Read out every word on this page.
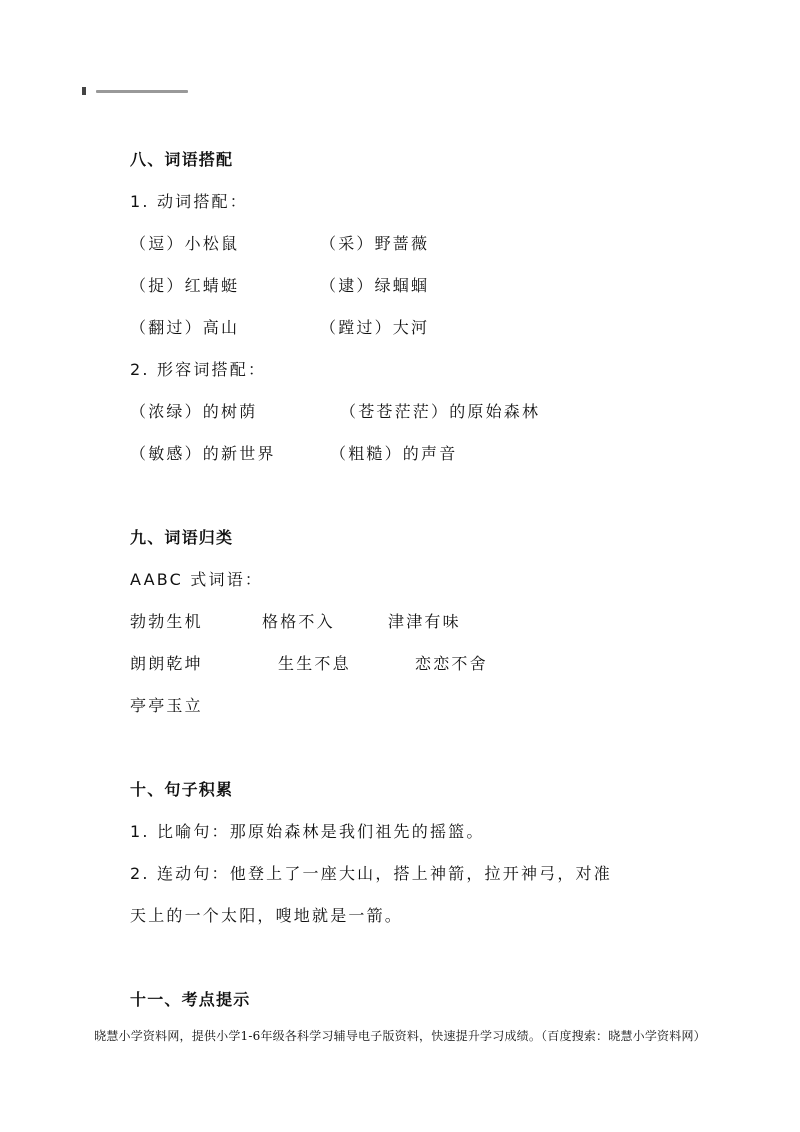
八、词语搭配
1. 动词搭配：
（逗）小松鼠	（采）野蔷薇
（捉）红蜻蜓	（逮）绿蝈蝈
（翻过）高山	（蹚过）大河
2. 形容词搭配：
（浓绿）的树荫	（苍苍茫茫）的原始森林
（敏感）的新世界	（粗糙）的声音
九、词语归类
AABC 式词语：
勃勃生机	格格不入	津津有味
朗朗乾坤	生生不息	恋恋不舍
亭亭玉立
十、句子积累
1. 比喻句：那原始森林是我们祖先的摇篮。
2. 连动句：他登上了一座大山，搭上神箭，拉开神弓，对准
天上的一个太阳，嗖地就是一箭。
十一、考点提示
晓慧小学资料网，提供小学1-6年级各科学习辅导电子版资料，快速提升学习成绩。（百度搜索：晓慧小学资料网）
